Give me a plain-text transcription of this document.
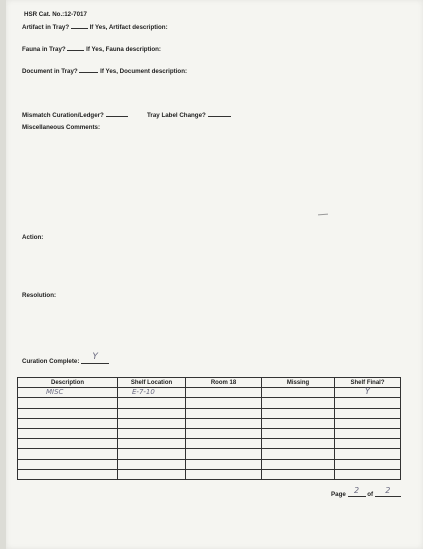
HSR Cat. No.:12-7017
Artifact in Tray?	If Yes, Artifact description:
Fauna in Tray?	If Yes, Fauna description:
Document in Tray?	If Yes, Document description:
Mismatch Curation/Ledger?	Tray Label Change?
Miscellaneous Comments:
Action:
Resolution:
Curation Complete: Y
Description	Shelf Location	Room 18	Missing	Shelf Final?
MISC	E-7-10			Y

Page 2 of 2
